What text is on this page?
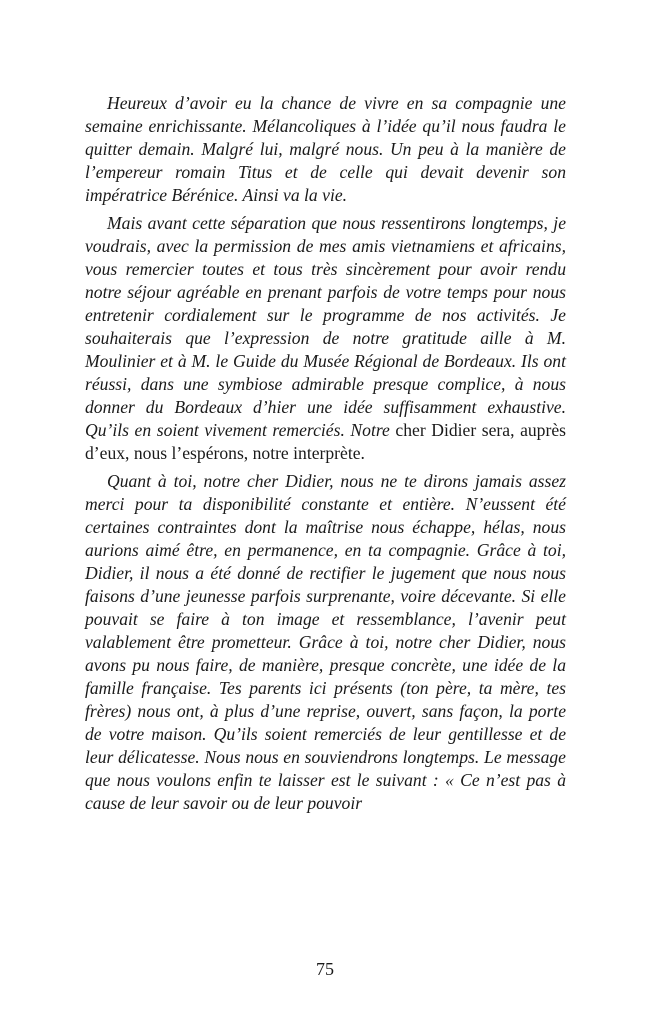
Heureux d’avoir eu la chance de vivre en sa compagnie une semaine enrichissante. Mélancoliques à l’idée qu’il nous faudra le quitter demain. Malgré lui, malgré nous. Un peu à la manière de l’empereur romain Titus et de celle qui devait devenir son impératrice Bérénice. Ainsi va la vie.

Mais avant cette séparation que nous ressentirons longtemps, je voudrais, avec la permission de mes amis vietnamiens et africains, vous remercier toutes et tous très sincèrement pour avoir rendu notre séjour agréable en prenant parfois de votre temps pour nous entretenir cordialement sur le programme de nos activités. Je souhaiterais que l’expression de notre gratitude aille à M. Moulinier et à M. le Guide du Musée Régional de Bordeaux. Ils ont réussi, dans une symbiose admirable presque complice, à nous donner du Bordeaux d’hier une idée suffisamment exhaustive. Qu’ils en soient vivement remerciés. Notre cher Didier sera, auprès d’eux, nous l’espérons, notre interprète.

Quant à toi, notre cher Didier, nous ne te dirons jamais assez merci pour ta disponibilité constante et entière. N’eussent été certaines contraintes dont la maîtrise nous échappe, hélas, nous aurions aimé être, en permanence, en ta compagnie. Grâce à toi, Didier, il nous a été donné de rectifier le jugement que nous nous faisons d’une jeunesse parfois surprenante, voire décevante. Si elle pouvait se faire à ton image et ressemblance, l’avenir peut valablement être prometteur. Grâce à toi, notre cher Didier, nous avons pu nous faire, de manière, presque concrète, une idée de la famille française. Tes parents ici présents (ton père, ta mère, tes frères) nous ont, à plus d’une reprise, ouvert, sans façon, la porte de votre maison. Qu’ils soient remerciés de leur gentillesse et de leur délicatesse. Nous nous en souviendrons longtemps. Le message que nous voulons enfin te laisser est le suivant : « Ce n’est pas à cause de leur savoir ou de leur pouvoir

75
